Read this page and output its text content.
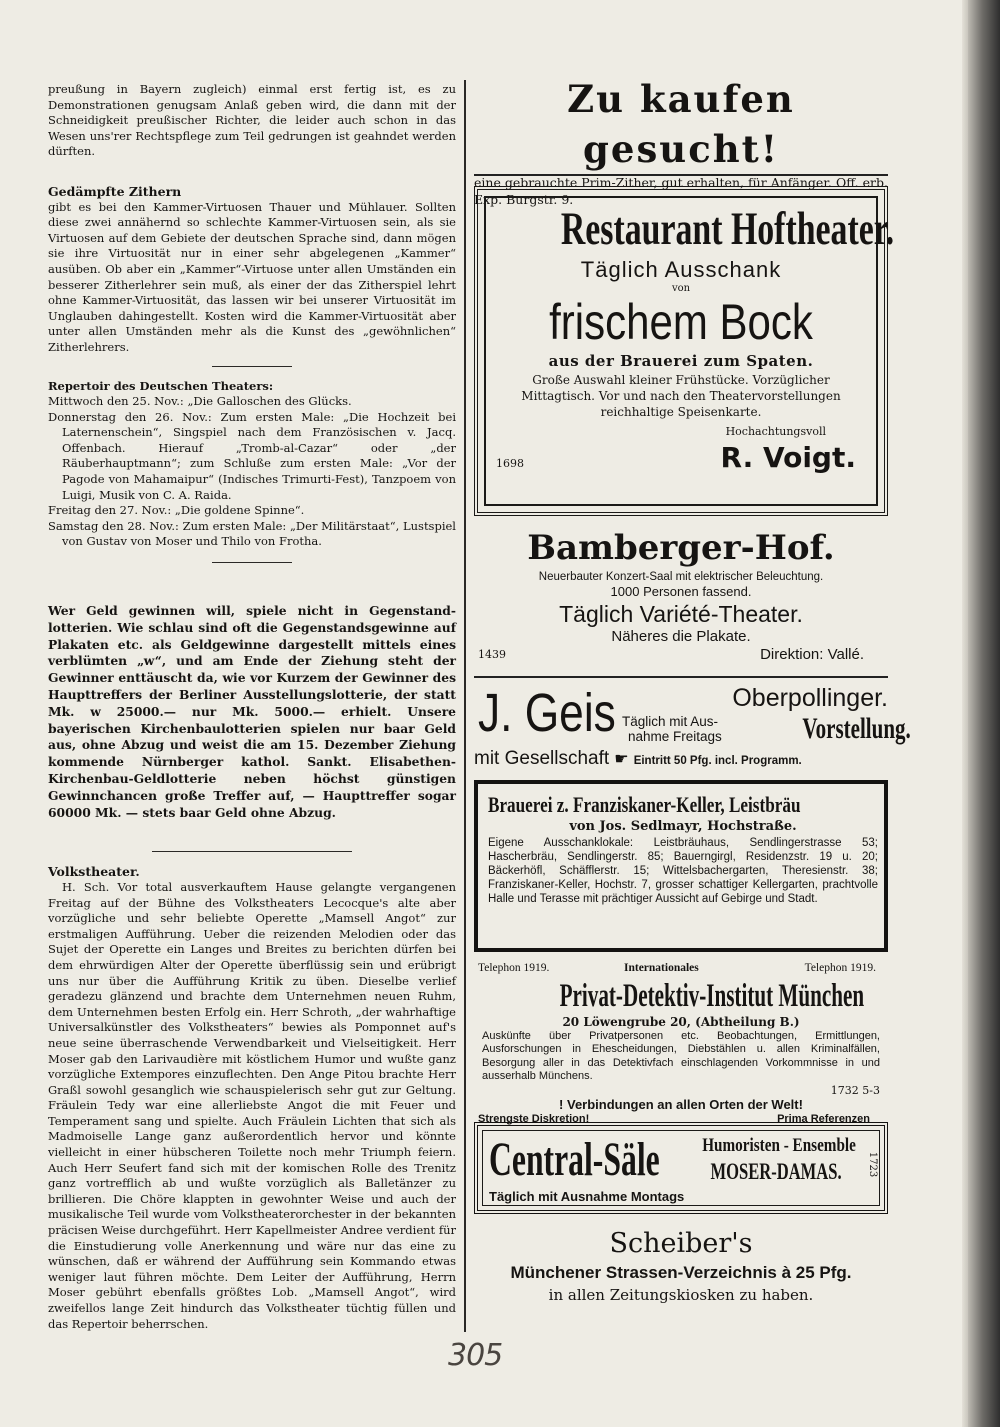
preußung in Bayern zugleich) einmal erst fertig ist, es zu Demonstrationen genugsam Anlaß geben wird, die dann mit der Schneidigkeit preußischer Richter, die leider auch schon in das Wesen uns'rer Rechtspflege zum Teil gedrungen ist geahndet werden dürften.

Gedämpfte Zithern

gibt es bei den Kammer-Virtuosen Thauer und Mühlauer. Sollten diese zwei annähernd so schlechte Kammer-Virtuosen sein, als sie Virtuosen auf dem Gebiete der deutschen Sprache sind, dann mögen sie ihre Virtuosität nur in einer sehr abgelegenen „Kammer“ ausüben. Ob aber ein „Kammer“-Virtuose unter allen Umständen ein besserer Zitherlehrer sein muß, als einer der das Zitherspiel lehrt ohne Kammer-Virtuosität, das lassen wir bei unserer Virtuosität im Unglauben dahingestellt. Kosten wird die Kammer-Virtuosität aber unter allen Umständen mehr als die Kunst des „gewöhnlichen“ Zitherlehrers.

Repertoir des Deutschen Theaters:

Mittwoch den 25. Nov.: „Die Galloschen des Glücks.

Donnerstag den 26. Nov.: Zum ersten Male: „Die Hochzeit bei Laternenschein“, Singspiel nach dem Französischen v. Jacq. Offenbach. Hierauf „Tromb-al-Cazar“ oder „der Räuberhauptmann“; zum Schluße zum ersten Male: „Vor der Pagode von Mahamaipur“ (Indisches Trimurti-Fest), Tanzpoem von Luigi, Musik von C. A. Raida.

Freitag den 27. Nov.: „Die goldene Spinne“.

Samstag den 28. Nov.: Zum ersten Male: „Der Militärstaat“, Lustspiel von Gustav von Moser und Thilo von Frotha.

Wer Geld gewinnen will, spiele nicht in Gegenstand-lotterien. Wie schlau sind oft die Gegenstandsgewinne auf Plakaten etc. als Geldgewinne dargestellt mittels eines verblümten „w“, und am Ende der Ziehung steht der Gewinner enttäuscht da, wie vor Kurzem der Gewinner des Haupttreffers der Berliner Ausstellungslotterie, der statt Mk. w 25000.— nur Mk. 5000.— erhielt. Unsere bayerischen Kirchenbaulotterien spielen nur baar Geld aus, ohne Abzug und weist die am 15. Dezember Ziehung kommende Nürnberger kathol. Sankt. Elisabethen-Kirchenbau-Geldlotterie neben höchst günstigen Gewinnchancen große Treffer auf, — Haupttreffer sogar 60000 Mk. — stets baar Geld ohne Abzug.

Volkstheater.

H. Sch. Vor total ausverkauftem Hause gelangte vergangenen Freitag auf der Bühne des Volkstheaters Lecocque's alte aber vorzügliche und sehr beliebte Operette „Mamsell Angot“ zur erstmaligen Aufführung. Ueber die reizenden Melodien oder das Sujet der Operette ein Langes und Breites zu berichten dürfen bei dem ehrwürdigen Alter der Operette überflüssig sein und erübrigt uns nur über die Aufführung Kritik zu üben. Dieselbe verlief geradezu glänzend und brachte dem Unternehmen neuen Ruhm, dem Unternehmen besten Erfolg ein. Herr Schroth, „der wahrhaftige Universalkünstler des Volkstheaters“ bewies als Pomponnet auf's neue seine überraschende Verwendbarkeit und Vielseitigkeit. Herr Moser gab den Larivaudière mit köstlichem Humor und wußte ganz vorzügliche Extempores einzuflechten. Den Ange Pitou brachte Herr Graßl sowohl gesanglich wie schauspielerisch sehr gut zur Geltung. Fräulein Tedy war eine allerliebste Angot die mit Feuer und Temperament sang und spielte. Auch Fräulein Lichten that sich als Madmoiselle Lange ganz außerordentlich hervor und könnte vielleicht in einer hübscheren Toilette noch mehr Triumph feiern. Auch Herr Seufert fand sich mit der komischen Rolle des Trenitz ganz vortrefflich ab und wußte vorzüglich als Balletänzer zu brillieren. Die Chöre klappten in gewohnter Weise und auch der musikalische Teil wurde vom Volkstheaterorchester in der bekannten präcisen Weise durchgeführt. Herr Kapellmeister Andree verdient für die Einstudierung volle Anerkennung und wäre nur das eine zu wünschen, daß er während der Aufführung sein Kommando etwas weniger laut führen möchte. Dem Leiter der Aufführung, Herrn Moser gebührt ebenfalls größtes Lob. „Mamsell Angot“, wird zweifellos lange Zeit hindurch das Volkstheater tüchtig füllen und das Repertoir beherrschen.

Zu kaufen gesucht!
eine gebrauchte Prim-Zither, gut erhalten, für Anfänger. Off. erb. Exp. Burgstr. 9.
Restaurant Hoftheater.
Täglich Ausschank
von
frischem Bock
aus der Brauerei zum Spaten.
Große Auswahl kleiner Frühstücke. Vorzüglicher Mittagtisch. Vor und nach den Theatervorstellungen reichhaltige Speisenkarte.
Hochachtungsvoll
1698	R. Voigt.
Bamberger-Hof.
Neuerbauter Konzert-Saal mit elektrischer Beleuchtung.
1000 Personen fassend.
Täglich Variété-Theater.
Näheres die Plakate.
1439	Direktion: Vallé.
J. Geis	Oberpollinger.
Täglich mit Aus-
nahme Freitags	Vorstellung.
mit Gesellschaft ☛ Eintritt 50 Pfg. incl. Programm.
Brauerei z. Franziskaner-Keller, Leistbräu
von Jos. Sedlmayr, Hochstraße.
Eigene Ausschanklokale: Leistbräuhaus, Sendlingerstrasse 53; Hascherbräu, Sendlingerstr. 85; Bauerngirgl, Residenzstr. 19 u. 20; Bäckerhöfl, Schäfflerstr. 15; Wittelsbachergarten, Theresienstr. 38; Franziskaner-Keller, Hochstr. 7, grosser schattiger Kellergarten, prachtvolle Halle und Terasse mit prächtiger Aussicht auf Gebirge und Stadt.
Telephon 1919.	Internationales	Telephon 1919.
Privat-Detektiv-Institut München
20 Löwengrube 20, (Abtheilung B.)
Auskünfte über Privatpersonen etc. Beobachtungen, Ermittlungen, Ausforschungen in Ehescheidungen, Diebstählen u. allen Kriminalfällen, Besorgung aller in das Detektivfach einschlagenden Vorkommnisse in und ausserhalb Münchens.
1732 5-3
! Verbindungen an allen Orten der Welt!
Strengste Diskretion!	Prima Referenzen
Central-Säle	Humoristen - Ensemble
MOSER-DAMAS.
Täglich mit Ausnahme Montags
1723
Scheiber's
Münchener Strassen-Verzeichnis à 25 Pfg.
in allen Zeitungskiosken zu haben.
305
